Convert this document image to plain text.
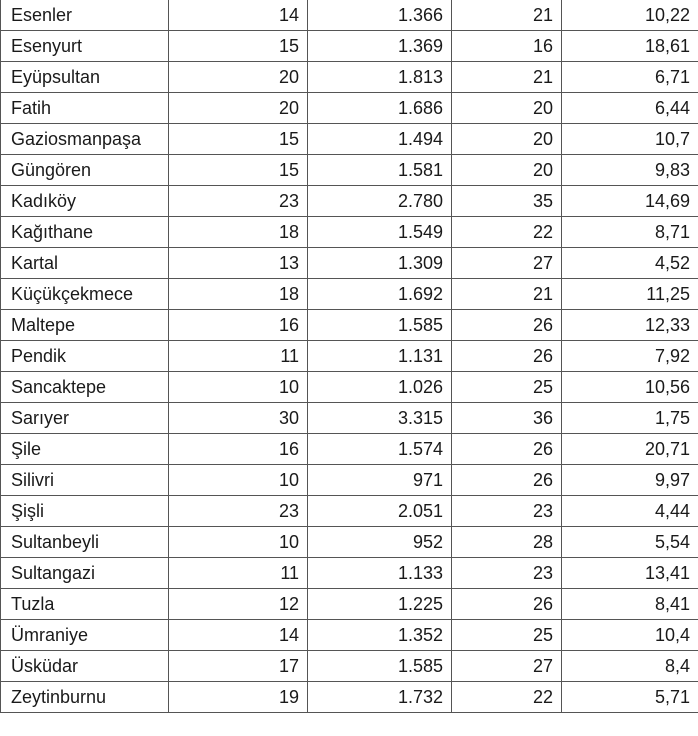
Esenler	14	1.366	21	10,22
Esenyurt	15	1.369	16	18,61
Eyüpsultan	20	1.813	21	6,71
Fatih	20	1.686	20	6,44
Gaziosmanpaşa	15	1.494	20	10,7
Güngören	15	1.581	20	9,83
Kadıköy	23	2.780	35	14,69
Kağıthane	18	1.549	22	8,71
Kartal	13	1.309	27	4,52
Küçükçekmece	18	1.692	21	11,25
Maltepe	16	1.585	26	12,33
Pendik	11	1.131	26	7,92
Sancaktepe	10	1.026	25	10,56
Sarıyer	30	3.315	36	1,75
Şile	16	1.574	26	20,71
Silivri	10	971	26	9,97
Şişli	23	2.051	23	4,44
Sultanbeyli	10	952	28	5,54
Sultangazi	11	1.133	23	13,41
Tuzla	12	1.225	26	8,41
Ümraniye	14	1.352	25	10,4
Üsküdar	17	1.585	27	8,4
Zeytinburnu	19	1.732	22	5,71
